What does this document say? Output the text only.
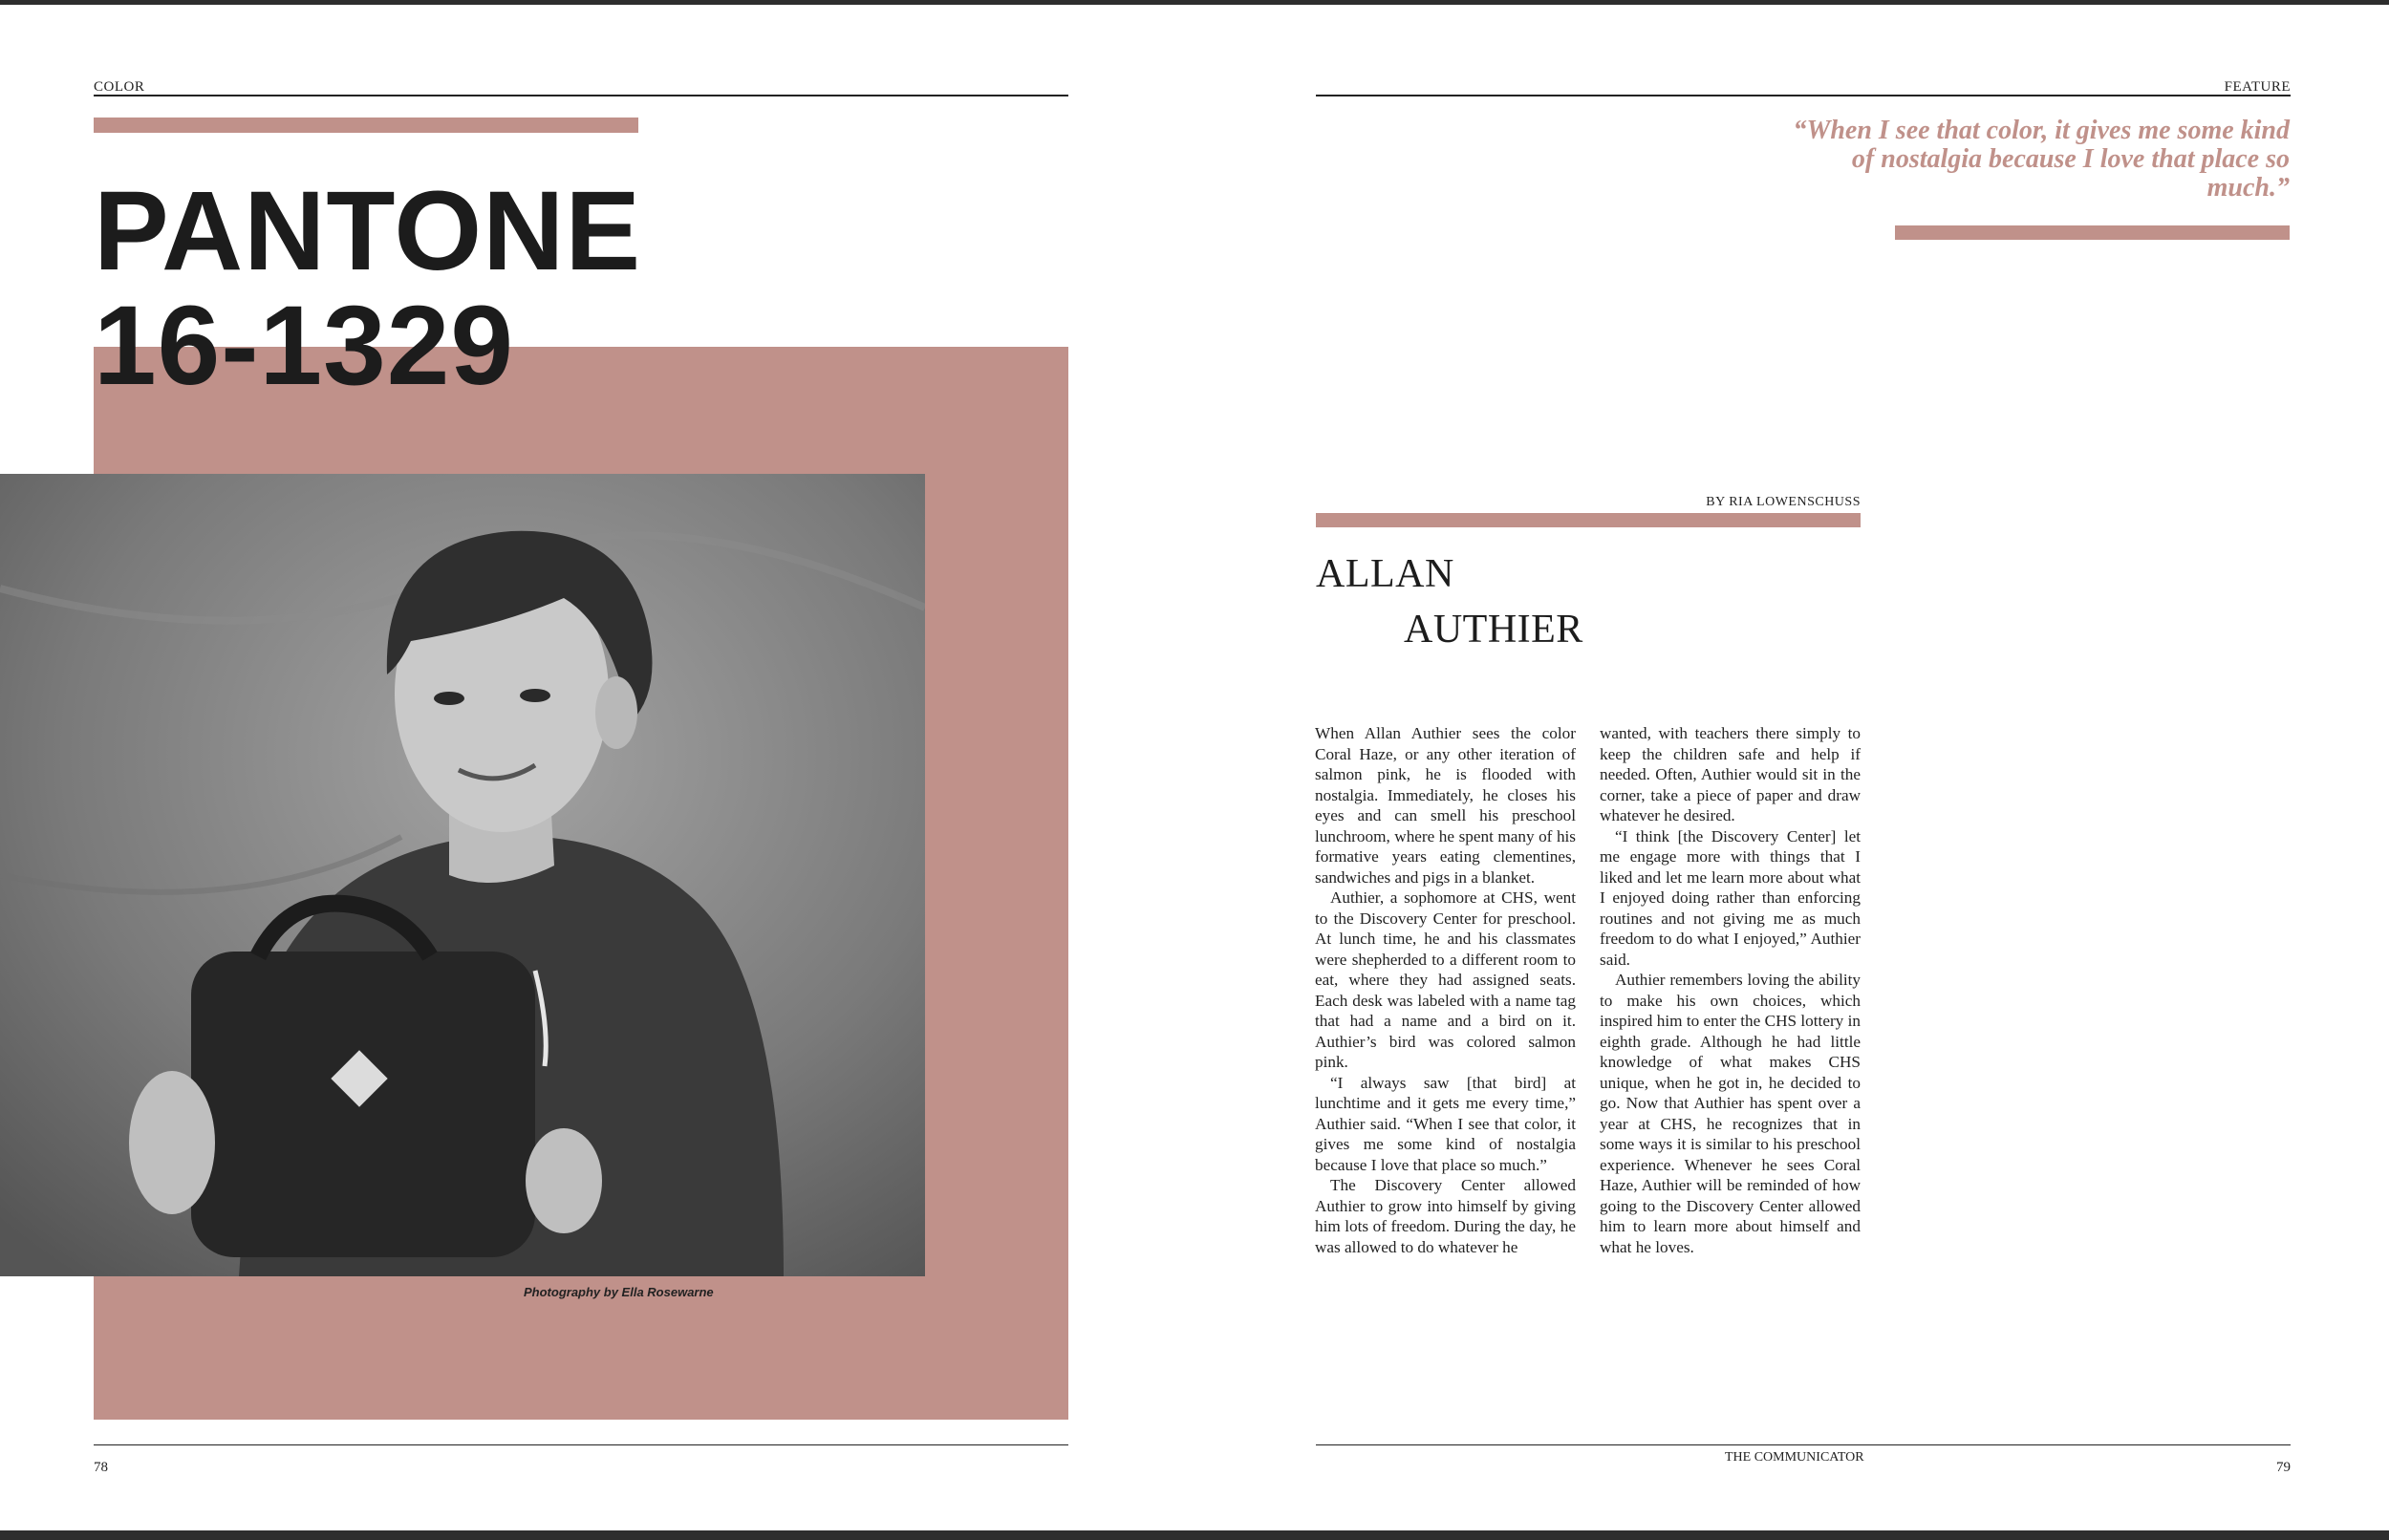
COLOR
PANTONE
16-1329
Photography by Ella Rosewarne
78
FEATURE
“When I see that color, it gives me some kind of nostalgia because I love that place so much.”
BY RIA LOWENSCHUSS
ALLAN
AUTHIER

When Allan Authier sees the color Coral Haze, or any other iteration of salmon pink, he is flooded with nostalgia. Immediately, he closes his eyes and can smell his preschool lunchroom, where he spent many of his formative years eating clementines, sandwiches and pigs in a blanket.

Authier, a sophomore at CHS, went to the Discovery Center for preschool. At lunch time, he and his classmates were shepherded to a different room to eat, where they had assigned seats. Each desk was labeled with a name tag that had a name and a bird on it. Authier’s bird was colored salmon pink.

“I always saw [that bird] at lunchtime and it gets me every time,” Authier said. “When I see that color, it gives me some kind of nostalgia because I love that place so much.”

The Discovery Center allowed Authier to grow into himself by giving him lots of freedom. During the day, he was allowed to do whatever he

wanted, with teachers there simply to keep the children safe and help if needed. Often, Authier would sit in the corner, take a piece of paper and draw whatever he desired.

“I think [the Discovery Center] let me engage more with things that I liked and let me learn more about what I enjoyed doing rather than enforcing routines and not giving me as much freedom to do what I enjoyed,” Authier said.

Authier remembers loving the ability to make his own choices, which inspired him to enter the CHS lottery in eighth grade. Although he had little knowledge of what makes CHS unique, when he got in, he decided to go. Now that Authier has spent over a year at CHS, he recognizes that in some ways it is similar to his preschool experience. Whenever he sees Coral Haze, Authier will be reminded of how going to the Discovery Center allowed him to learn more about himself and what he loves.

THE COMMUNICATOR
79
